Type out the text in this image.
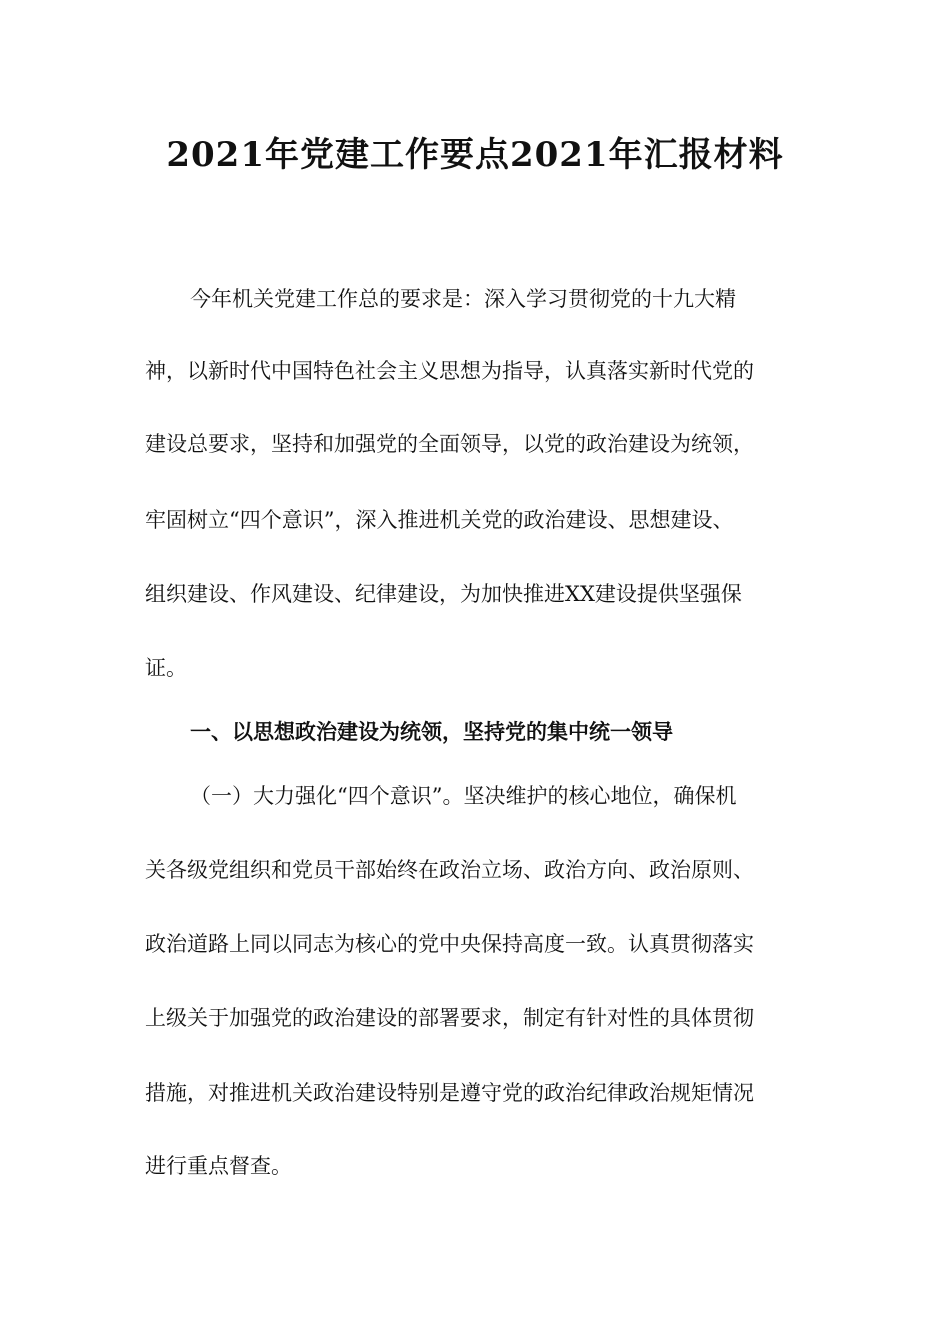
2021年党建工作要点2021年汇报材料

今年机关党建工作总的要求是：深入学习贯彻党的十九大精

神，以新时代中国特色社会主义思想为指导，认真落实新时代党的

建设总要求，坚持和加强党的全面领导，以党的政治建设为统领，

牢固树立“四个意识”，深入推进机关党的政治建设、思想建设、

组织建设、作风建设、纪律建设，为加快推进XX建设提供坚强保

证。

一、以思想政治建设为统领，坚持党的集中统一领导

（一）大力强化“四个意识”。坚决维护的核心地位，确保机

关各级党组织和党员干部始终在政治立场、政治方向、政治原则、

政治道路上同以同志为核心的党中央保持高度一致。认真贯彻落实

上级关于加强党的政治建设的部署要求，制定有针对性的具体贯彻

措施，对推进机关政治建设特别是遵守党的政治纪律政治规矩情况

进行重点督查。
